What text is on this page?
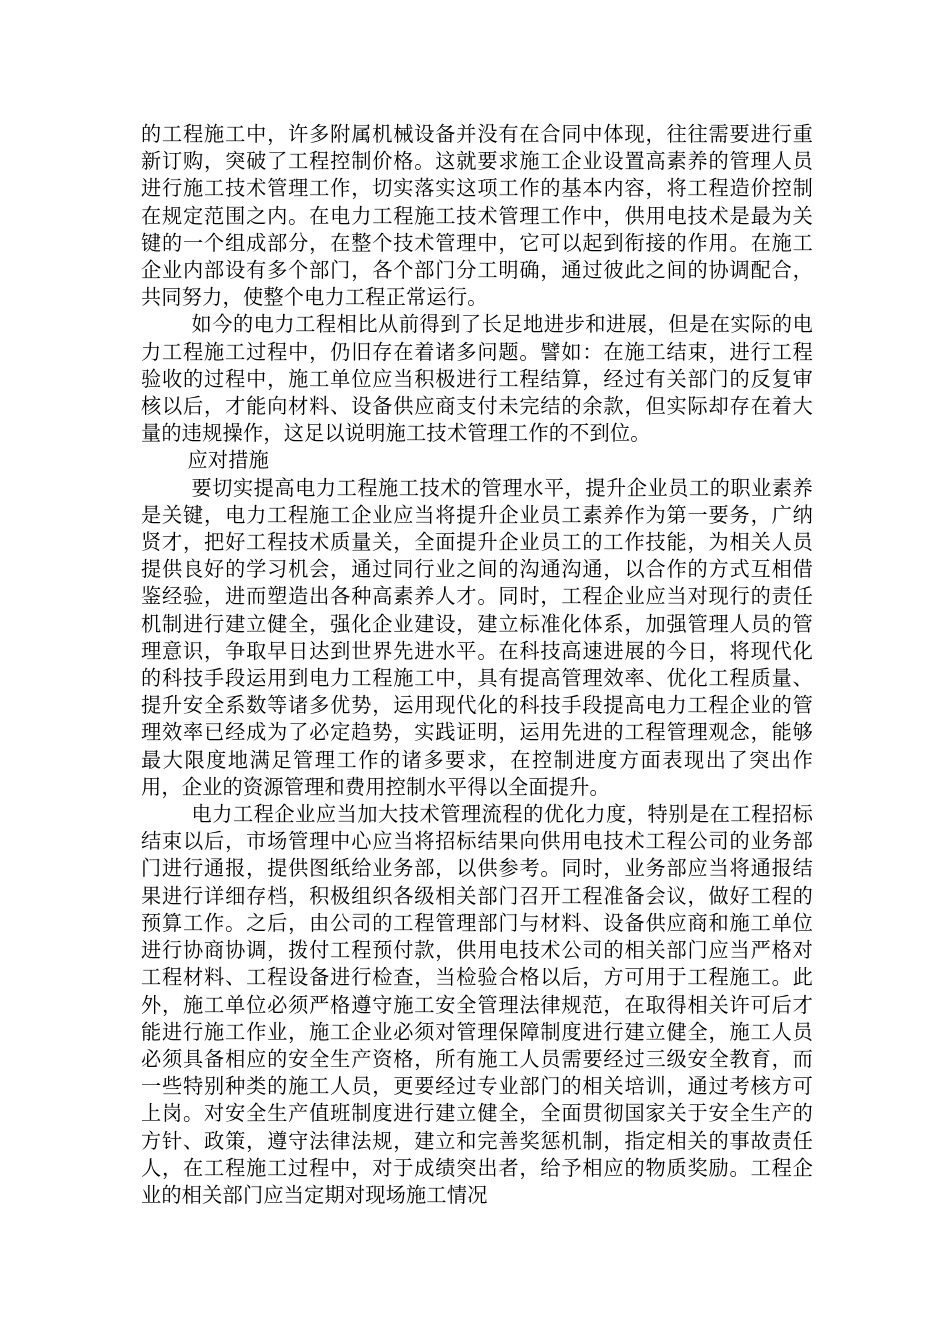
的工程施工中，许多附属机械设备并没有在合同中体现，往往需要进行重新订购，突破了工程控制价格。这就要求施工企业设置高素养的管理人员进行施工技术管理工作，切实落实这项工作的基本内容，将工程造价控制在规定范围之内。在电力工程施工技术管理工作中，供用电技术是最为关键的一个组成部分，在整个技术管理中，它可以起到衔接的作用。在施工企业内部设有多个部门，各个部门分工明确，通过彼此之间的协调配合，共同努力，使整个电力工程正常运行。

如今的电力工程相比从前得到了长足地进步和进展，但是在实际的电力工程施工过程中，仍旧存在着诸多问题。譬如：在施工结束，进行工程验收的过程中，施工单位应当积极进行工程结算，经过有关部门的反复审核以后，才能向材料、设备供应商支付未完结的余款，但实际却存在着大量的违规操作，这足以说明施工技术管理工作的不到位。

应对措施

要切实提高电力工程施工技术的管理水平，提升企业员工的职业素养是关键，电力工程施工企业应当将提升企业员工素养作为第一要务，广纳贤才，把好工程技术质量关，全面提升企业员工的工作技能，为相关人员提供良好的学习机会，通过同行业之间的沟通沟通，以合作的方式互相借鉴经验，进而塑造出各种高素养人才。同时，工程企业应当对现行的责任机制进行建立健全，强化企业建设，建立标准化体系，加强管理人员的管理意识，争取早日达到世界先进水平。在科技高速进展的今日，将现代化的科技手段运用到电力工程施工中，具有提高管理效率、优化工程质量、提升安全系数等诸多优势，运用现代化的科技手段提高电力工程企业的管理效率已经成为了必定趋势，实践证明，运用先进的工程管理观念，能够最大限度地满足管理工作的诸多要求，在控制进度方面表现出了突出作用，企业的资源管理和费用控制水平得以全面提升。

电力工程企业应当加大技术管理流程的优化力度，特别是在工程招标结束以后，市场管理中心应当将招标结果向供用电技术工程公司的业务部门进行通报，提供图纸给业务部，以供参考。同时，业务部应当将通报结果进行详细存档，积极组织各级相关部门召开工程准备会议，做好工程的预算工作。之后，由公司的工程管理部门与材料、设备供应商和施工单位进行协商协调，拨付工程预付款，供用电技术公司的相关部门应当严格对工程材料、工程设备进行检查，当检验合格以后，方可用于工程施工。此外，施工单位必须严格遵守施工安全管理法律规范，在取得相关许可后才能进行施工作业，施工企业必须对管理保障制度进行建立健全，施工人员必须具备相应的安全生产资格，所有施工人员需要经过三级安全教育，而一些特别种类的施工人员，更要经过专业部门的相关培训，通过考核方可上岗。对安全生产值班制度进行建立健全，全面贯彻国家关于安全生产的方针、政策，遵守法律法规，建立和完善奖惩机制，指定相关的事故责任人，在工程施工过程中，对于成绩突出者，给予相应的物质奖励。工程企业的相关部门应当定期对现场施工情况
